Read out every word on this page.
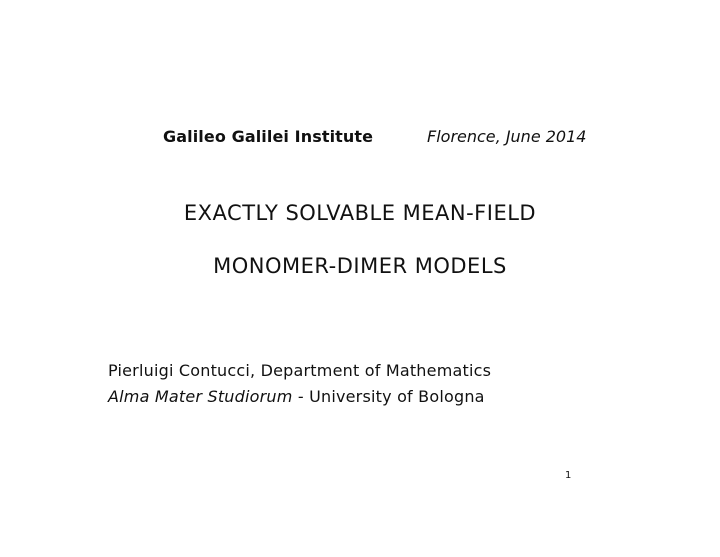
Galileo Galilei Institute	Florence, June 2014
EXACTLY SOLVABLE MEAN-FIELD
MONOMER-DIMER MODELS
Pierluigi Contucci, Department of Mathematics
Alma Mater Studiorum - University of Bologna
1
